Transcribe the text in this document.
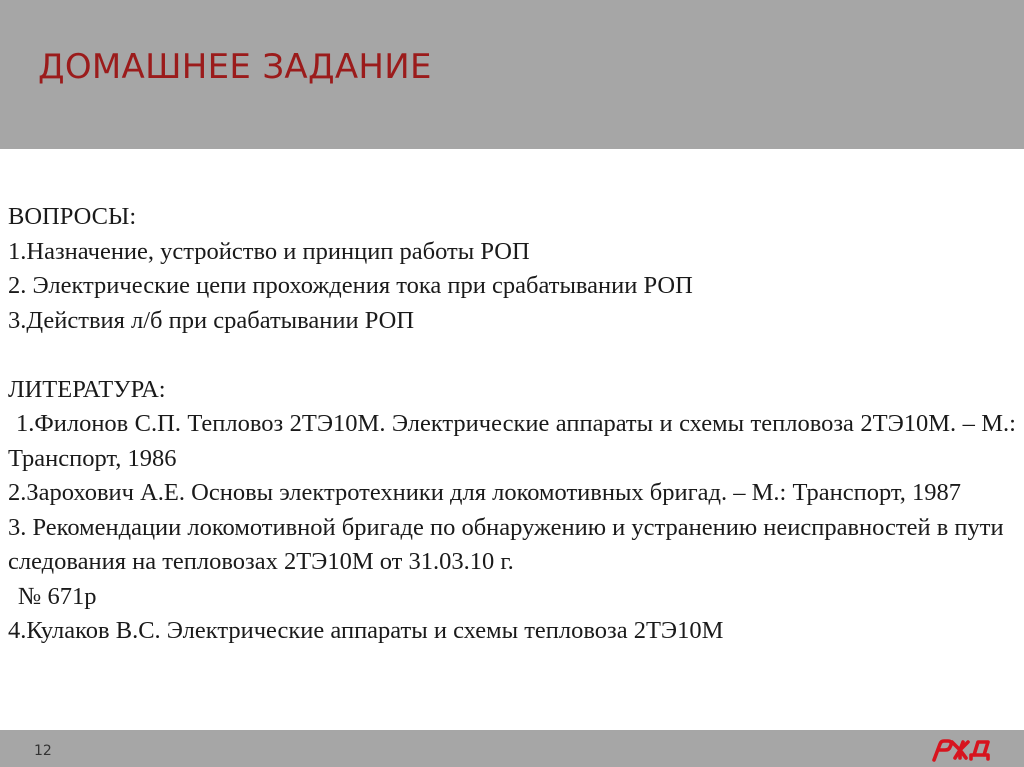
ДОМАШНЕЕ ЗАДАНИЕ

ВОПРОСЫ:

1.Назначение, устройство и принцип работы РОП

2. Электрические цепи прохождения тока при срабатывании РОП

3.Действия л/б при срабатывании РОП

ЛИТЕРАТУРА:

1.Филонов С.П. Тепловоз 2ТЭ10М. Электрические аппараты и схемы тепловоза 2ТЭ10М. – М.: Транспорт, 1986

2.Зарохович А.Е. Основы электротехники для локомотивных бригад. – М.: Транспорт, 1987

3. Рекомендации локомотивной бригаде по обнаружению и устранению неисправностей в пути следования на тепловозах 2ТЭ10М от 31.03.10 г.

№ 671р

4.Кулаков В.С. Электрические аппараты и схемы тепловоза 2ТЭ10М

12
